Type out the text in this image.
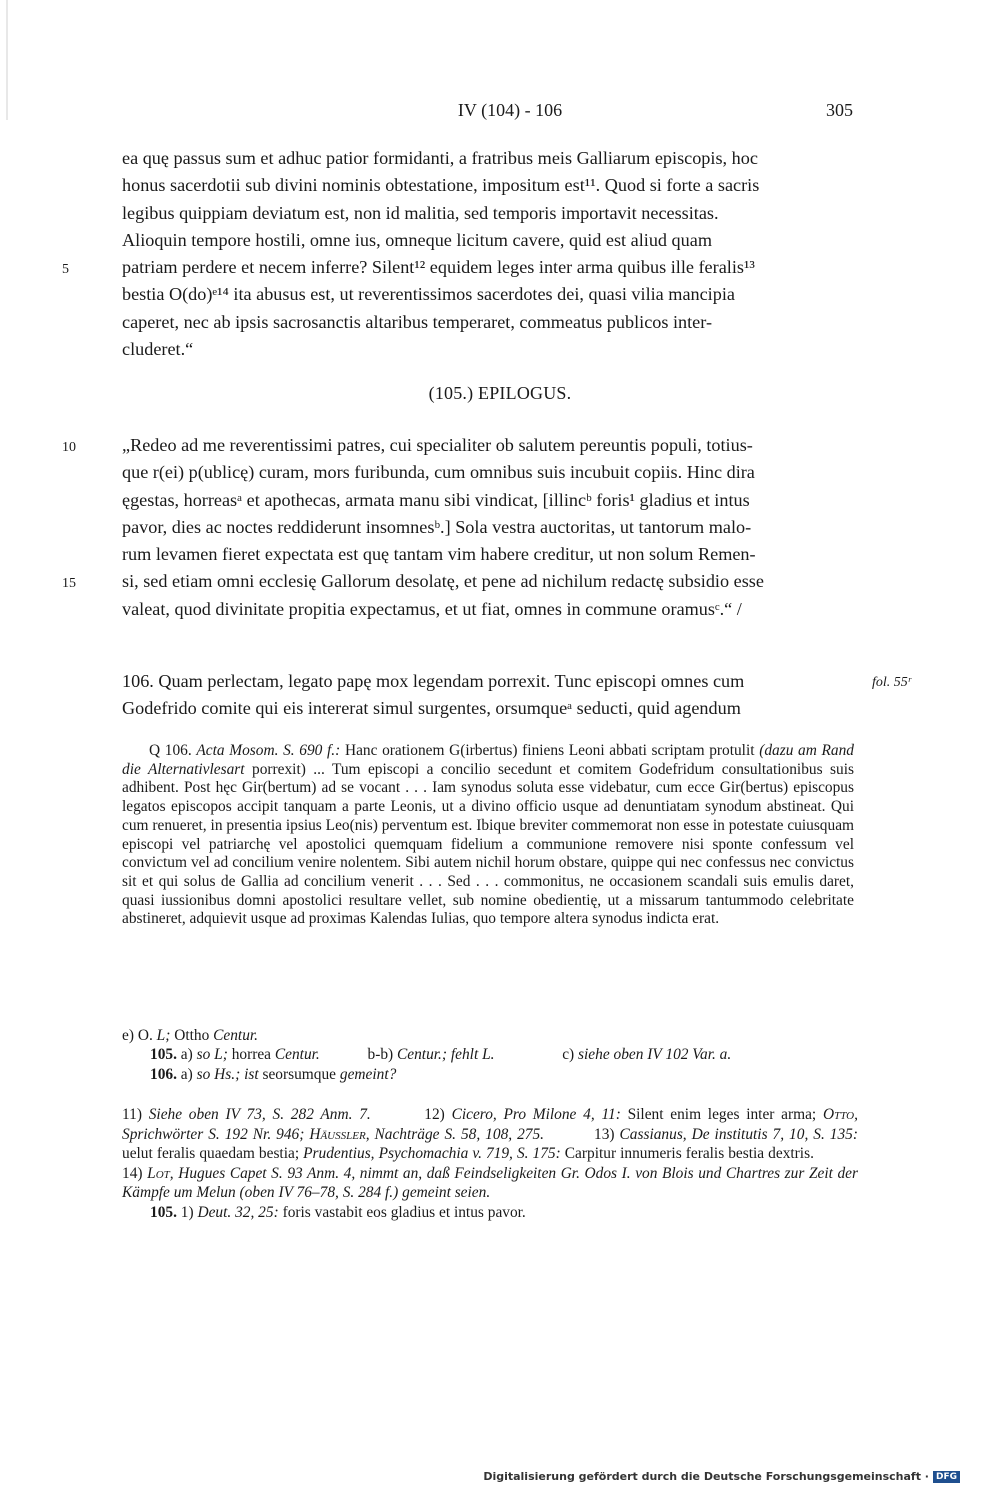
IV (104) - 106	305
ea quę passus sum et adhuc patior formidanti, a fratribus meis Galliarum episcopis, hoc
honus sacerdotii sub divini nominis obtestatione, impositum est¹¹. Quod si forte a sacris
legibus quippiam deviatum est, non id malitia, sed temporis importavit necessitas.
Alioquin tempore hostili, omne ius, omneque licitum cavere, quid est aliud quam
5	patriam perdere et necem inferre? Silent¹² equidem leges inter arma quibus ille feralis¹³
bestia O(do)ᵉ¹⁴ ita abusus est, ut reverentissimos sacerdotes dei, quasi vilia mancipia
caperet, nec ab ipsis sacrosanctis altaribus temperaret, commeatus publicos inter-
cluderet.“
(105.) EPILOGUS.
10	„Redeo ad me reverentissimi patres, cui specialiter ob salutem pereuntis populi, totius-
que r(ei) p(ublicę) curam, mors furibunda, cum omnibus suis incubuit copiis. Hinc dira
ęgestas, horreasᵃ et apothecas, armata manu sibi vindicat, [illincᵇ foris¹ gladius et intus
pavor, dies ac noctes reddiderunt insomnesᵇ.] Sola vestra auctoritas, ut tantorum malo-
rum levamen fieret expectata est quę tantam vim habere creditur, ut non solum Remen-
15	si, sed etiam omni ecclesię Gallorum desolatę, et pene ad nichilum redactę subsidio esse
valeat, quod divinitate propitia expectamus, et ut fiat, omnes in commune oramusᶜ.“ /
106. Quam perlectam, legato papę mox legendam porrexit. Tunc episcopi omnes cum
Godefrido comite qui eis intererat simul surgentes, orsumqueᵃ seducti, quid agendum
fol. 55ʳ
Q 106. Acta Mosom. S. 690 f.: Hanc orationem G(irbertus) finiens Leoni abbati scriptam protulit (dazu am Rand die Alternativlesart porrexit) ... Tum episcopi a concilio secedunt et comitem Godefridum consultationibus suis adhibent. Post hęc Gir(bertum) ad se vocant . . . Iam synodus soluta esse videbatur, cum ecce Gir(bertus) episcopus legatos episcopos accipit tanquam a parte Leonis, ut a divino officio usque ad denuntiatam synodum abstineat. Qui cum renueret, in presentia ipsius Leo(nis) perventum est. Ibique breviter commemorat non esse in potestate cuiusquam episcopi vel patriarchę vel apostolici quemquam fidelium a communione removere nisi sponte confessum vel convictum vel ad concilium venire nolentem. Sibi autem nichil horum obstare, quippe qui nec confessus nec convictus sit et qui solus de Gallia ad concilium venerit . . . Sed . . . commonitus, ne occasionem scandali suis emulis daret, quasi iussionibus domni apostolici resultare vellet, sub nomine obedientię, ut a missarum tantummodo celebritate abstineret, adquievit usque ad proximas Kalendas Iulias, quo tempore altera synodus indicta erat.
e) O. L; Ottho Centur.
105. a) so L; horrea Centur.	b-b) Centur.; fehlt L.	c) siehe oben IV 102 Var. a.
106. a) so Hs.; ist seorsumque gemeint?
11) Siehe oben IV 73, S. 282 Anm. 7.	12) Cicero, Pro Milone 4, 11: Silent enim leges inter arma; Otto, Sprichwörter S. 192 Nr. 946; Häussler, Nachträge S. 58, 108, 275.	13) Cassianus, De institutis 7, 10, S. 135: uelut feralis quaedam bestia; Prudentius, Psychomachia v. 719, S. 175: Carpitur innumeris feralis bestia dextris.  14) Lot, Hugues Capet S. 93 Anm. 4, nimmt an, daß Feindseligkeiten Gr. Odos I. von Blois und Chartres zur Zeit der Kämpfe um Melun (oben IV 76–78, S. 284 f.) gemeint seien.
105. 1) Deut. 32, 25: foris vastabit eos gladius et intus pavor.
Digitalisierung gefördert durch die Deutsche Forschungsgemeinschaft · DFG
